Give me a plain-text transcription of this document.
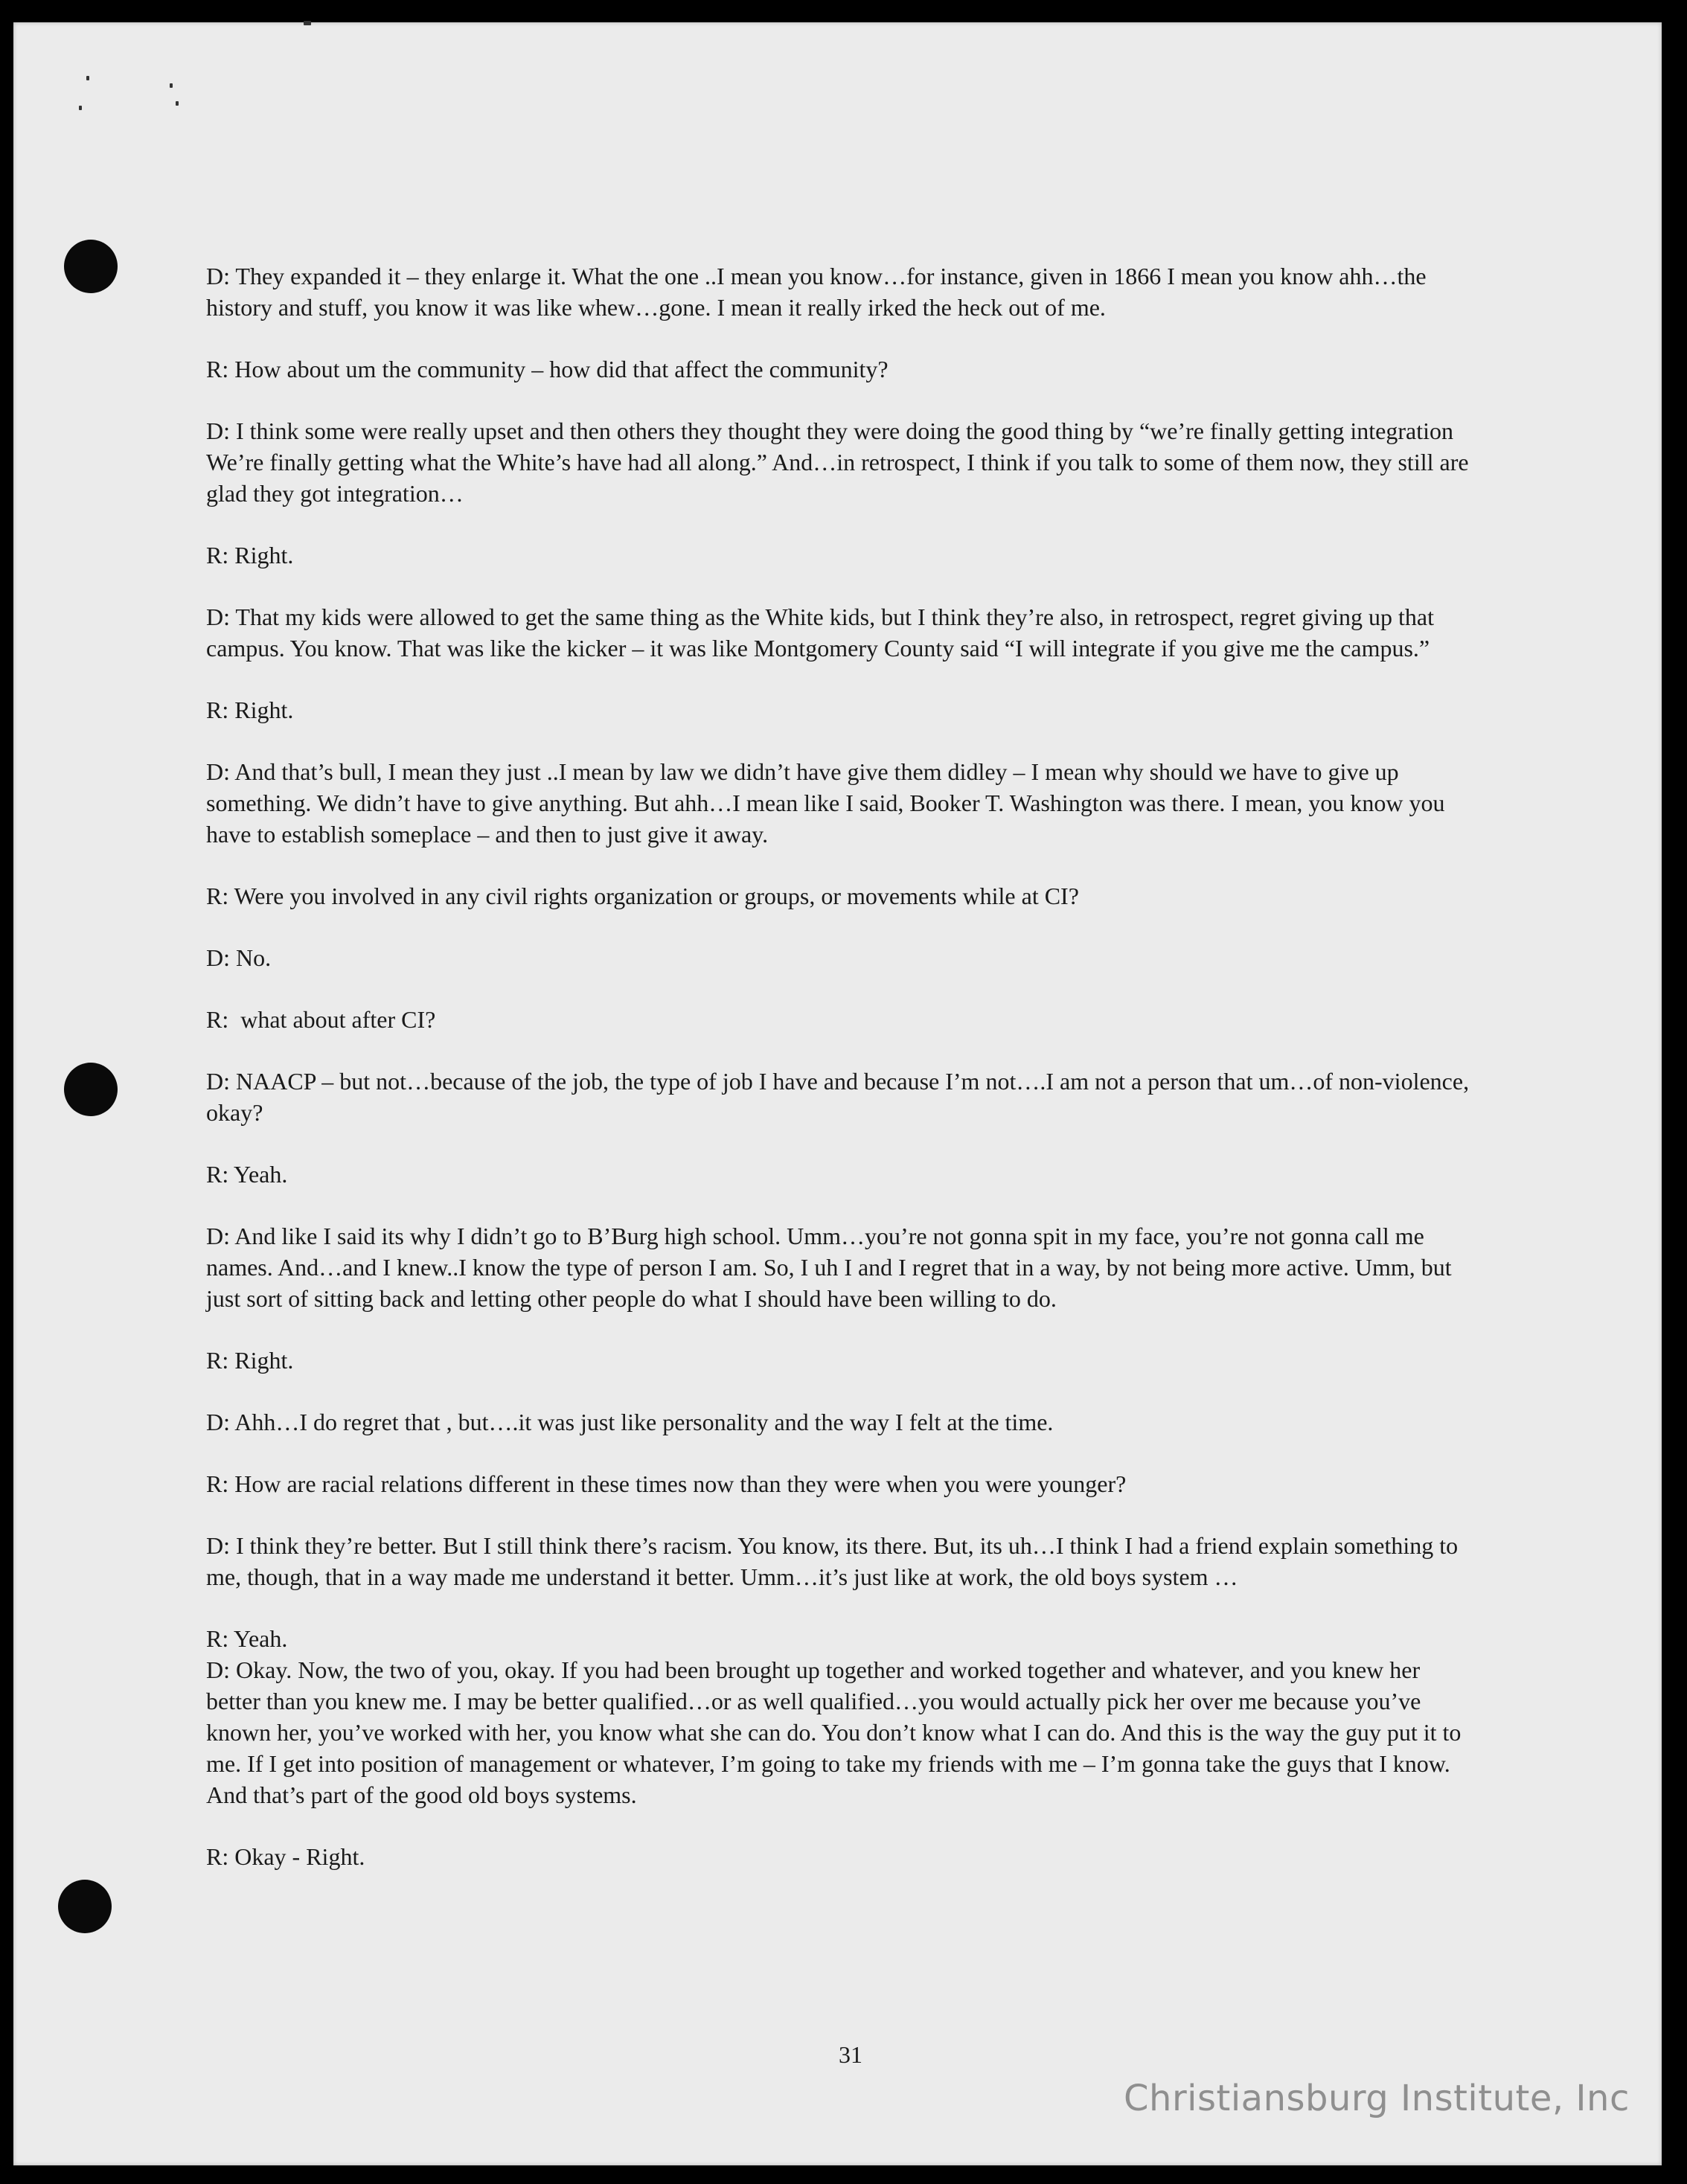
D: They expanded it – they enlarge it. What the one ..I mean you know…for instance, given in 1866 I mean you know ahh…the history and stuff, you know it was like whew…gone. I mean it really irked the heck out of me.

R: How about um the community – how did that affect the community?

D: I think some were really upset and then others they thought they were doing the good thing by “we’re finally getting integration We’re finally getting what the White’s have had all along.” And…in retrospect, I think if you talk to some of them now, they still are glad they got integration…

R: Right.

D: That my kids were allowed to get the same thing as the White kids, but I think they’re also, in retrospect, regret giving up that campus. You know. That was like the kicker – it was like Montgomery County said “I will integrate if you give me the campus.”

R: Right.

D: And that’s bull, I mean they just ..I mean by law we didn’t have give them didley – I mean why should we have to give up something. We didn’t have to give anything. But ahh…I mean like I said, Booker T. Washington was there. I mean, you know you have to establish someplace – and then to just give it away.

R: Were you involved in any civil rights organization or groups, or movements while at CI?

D: No.

R:  what about after CI?

D: NAACP – but not…because of the job, the type of job I have and because I’m not….I am not a person that um…of non-violence, okay?

R: Yeah.

D: And like I said its why I didn’t go to B’Burg high school. Umm…you’re not gonna spit in my face, you’re not gonna call me names. And…and I knew..I know the type of person I am. So, I uh I and I regret that in a way, by not being more active. Umm, but just sort of sitting back and letting other people do what I should have been willing to do.

R: Right.

D: Ahh…I do regret that , but….it was just like personality and the way I felt at the time.

R: How are racial relations different in these times now than they were when you were younger?

D: I think they’re better. But I still think there’s racism. You know, its there. But, its uh…I think I had a friend explain something to me, though, that in a way made me understand it better. Umm…it’s just like at work, the old boys system …

R: Yeah.

D: Okay. Now, the two of you, okay. If you had been brought up together and worked together and whatever, and you knew her better than you knew me. I may be better qualified…or as well qualified…you would actually pick her over me because you’ve known her, you’ve worked with her, you know what she can do. You don’t know what I can do. And this is the way the guy put it to me. If I get into position of management or whatever, I’m going to take my friends with me – I’m gonna take the guys that I know. And that’s part of the good old boys systems.

R: Okay - Right.

31
Christiansburg Institute, Inc
